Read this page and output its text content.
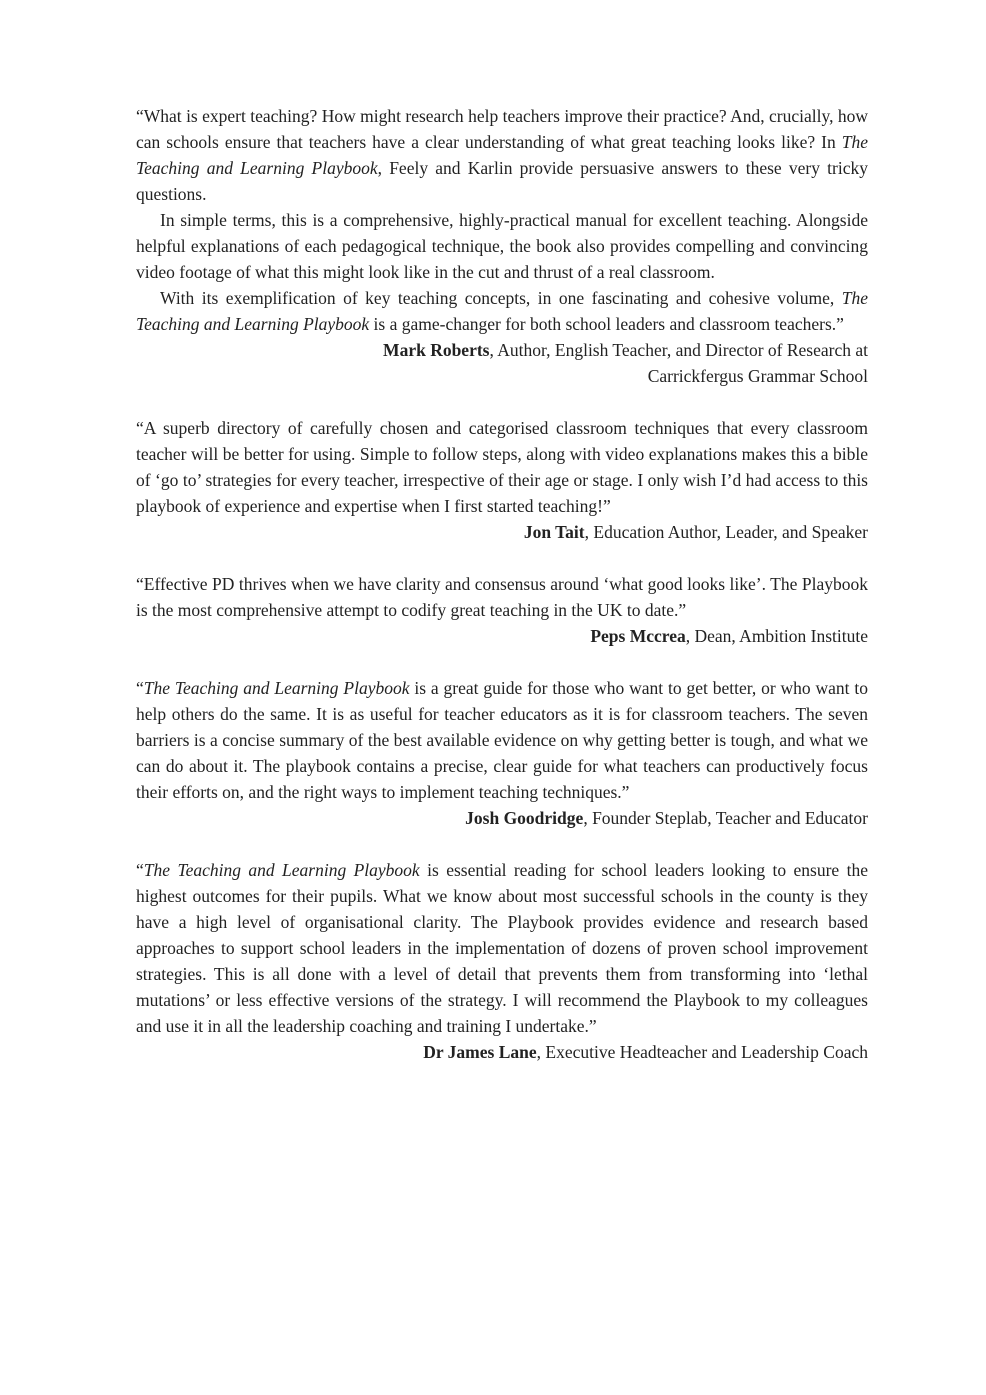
“What is expert teaching? How might research help teachers improve their practice? And, crucially, how can schools ensure that teachers have a clear understanding of what great teaching looks like? In The Teaching and Learning Playbook, Feely and Karlin provide persuasive answers to these very tricky questions.

In simple terms, this is a comprehensive, highly-practical manual for excellent teaching. Alongside helpful explanations of each pedagogical technique, the book also provides compelling and convincing video footage of what this might look like in the cut and thrust of a real classroom.

With its exemplification of key teaching concepts, in one fascinating and cohesive volume, The Teaching and Learning Playbook is a game-changer for both school leaders and classroom teachers.”

Mark Roberts, Author, English Teacher, and Director of Research at
Carrickfergus Grammar School

“A superb directory of carefully chosen and categorised classroom techniques that every classroom teacher will be better for using. Simple to follow steps, along with video explanations makes this a bible of ‘go to’ strategies for every teacher, irrespective of their age or stage. I only wish I’d had access to this playbook of experience and expertise when I first started teaching!”

Jon Tait, Education Author, Leader, and Speaker

“Effective PD thrives when we have clarity and consensus around ‘what good looks like’. The Playbook is the most comprehensive attempt to codify great teaching in the UK to date.”

Peps Mccrea, Dean, Ambition Institute

“The Teaching and Learning Playbook is a great guide for those who want to get better, or who want to help others do the same. It is as useful for teacher educators as it is for classroom teachers. The seven barriers is a concise summary of the best available evidence on why getting better is tough, and what we can do about it. The playbook contains a precise, clear guide for what teachers can productively focus their efforts on, and the right ways to implement teaching techniques.”

Josh Goodridge, Founder Steplab, Teacher and Educator

“The Teaching and Learning Playbook is essential reading for school leaders looking to ensure the highest outcomes for their pupils. What we know about most successful schools in the county is they have a high level of organisational clarity. The Playbook provides evidence and research based approaches to support school leaders in the implementation of dozens of proven school improvement strategies. This is all done with a level of detail that prevents them from transforming into ‘lethal mutations’ or less effective versions of the strategy. I will recommend the Playbook to my colleagues and use it in all the leadership coaching and training I undertake.”

Dr James Lane, Executive Headteacher and Leadership Coach
